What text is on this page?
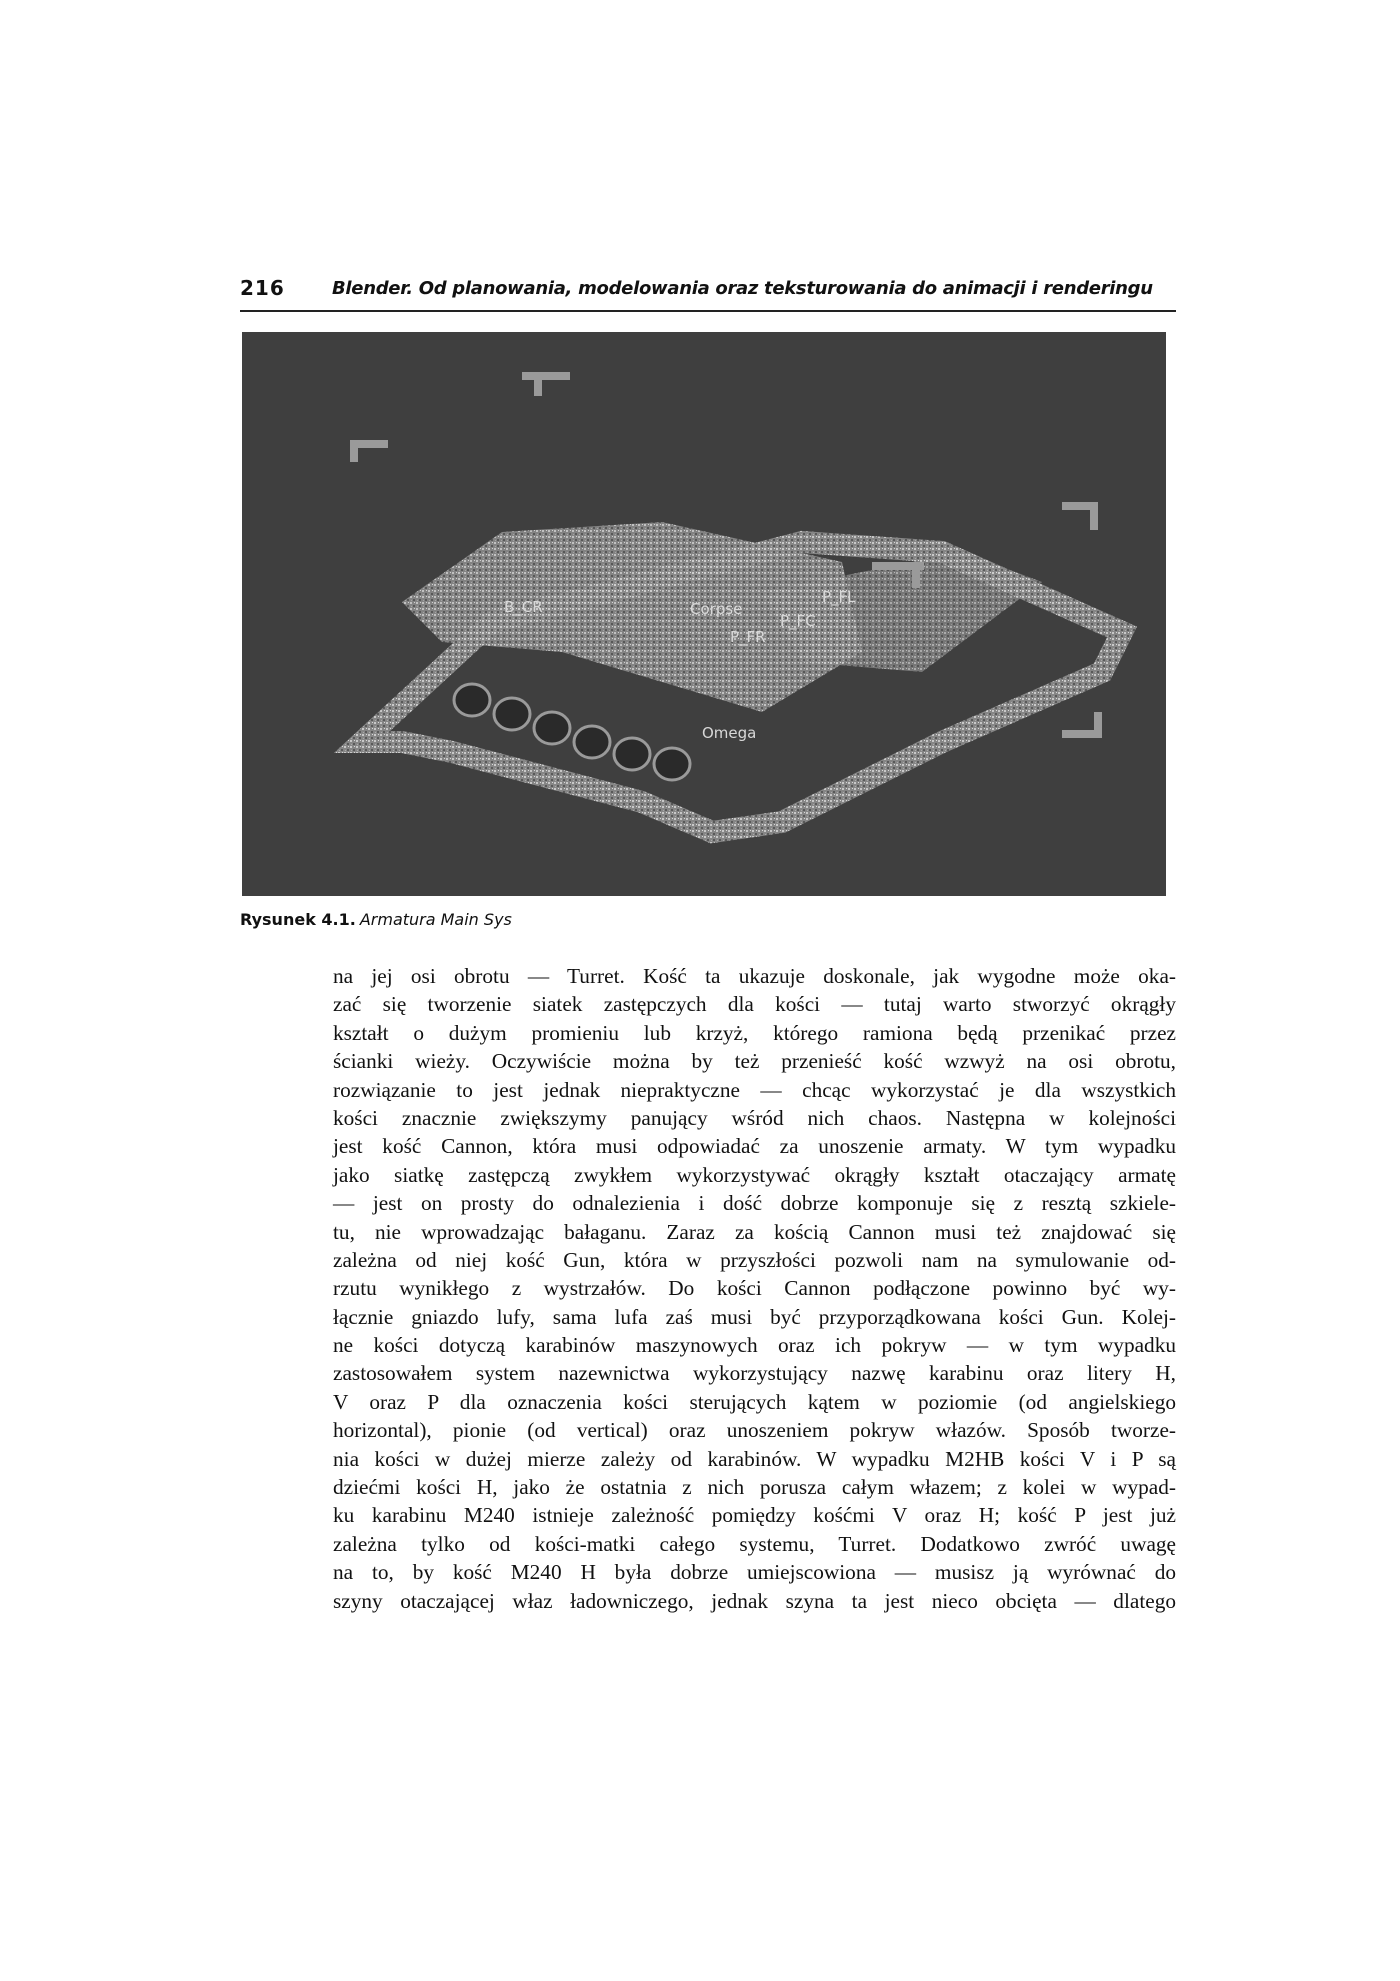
216	Blender. Od planowania, modelowania oraz teksturowania do animacji i renderingu
B_CR	Corpse
P_FC
P_FL
P_FR
Omega
Rysunek 4.1. Armatura Main Sys
na jej osi obrotu — Turret. Kość ta ukazuje doskonale, jak wygodne może oka-
zać się tworzenie siatek zastępczych dla kości — tutaj warto stworzyć okrągły
kształt o dużym promieniu lub krzyż, którego ramiona będą przenikać przez
ścianki wieży. Oczywiście można by też przenieść kość wzwyż na osi obrotu,
rozwiązanie to jest jednak niepraktyczne — chcąc wykorzystać je dla wszystkich
kości znacznie zwiększymy panujący wśród nich chaos. Następna w kolejności
jest kość Cannon, która musi odpowiadać za unoszenie armaty. W tym wypadku
jako siatkę zastępczą zwykłem wykorzystywać okrągły kształt otaczający armatę
— jest on prosty do odnalezienia i dość dobrze komponuje się z resztą szkiele-
tu, nie wprowadzając bałaganu. Zaraz za kością Cannon musi też znajdować się
zależna od niej kość Gun, która w przyszłości pozwoli nam na symulowanie od-
rzutu wynikłego z wystrzałów. Do kości Cannon podłączone powinno być wy-
łącznie gniazdo lufy, sama lufa zaś musi być przyporządkowana kości Gun. Kolej-
ne kości dotyczą karabinów maszynowych oraz ich pokryw — w tym wypadku
zastosowałem system nazewnictwa wykorzystujący nazwę karabinu oraz litery H,
V oraz P dla oznaczenia kości sterujących kątem w poziomie (od angielskiego
horizontal), pionie (od vertical) oraz unoszeniem pokryw włazów. Sposób tworze-
nia kości w dużej mierze zależy od karabinów. W wypadku M2HB kości V i P są
dziećmi kości H, jako że ostatnia z nich porusza całym włazem; z kolei w wypad-
ku karabinu M240 istnieje zależność pomiędzy kośćmi V oraz H; kość P jest już
zależna tylko od kości-matki całego systemu, Turret. Dodatkowo zwróć uwagę
na to, by kość M240 H była dobrze umiejscowiona — musisz ją wyrównać do
szyny otaczającej właz ładowniczego, jednak szyna ta jest nieco obcięta — dlatego
